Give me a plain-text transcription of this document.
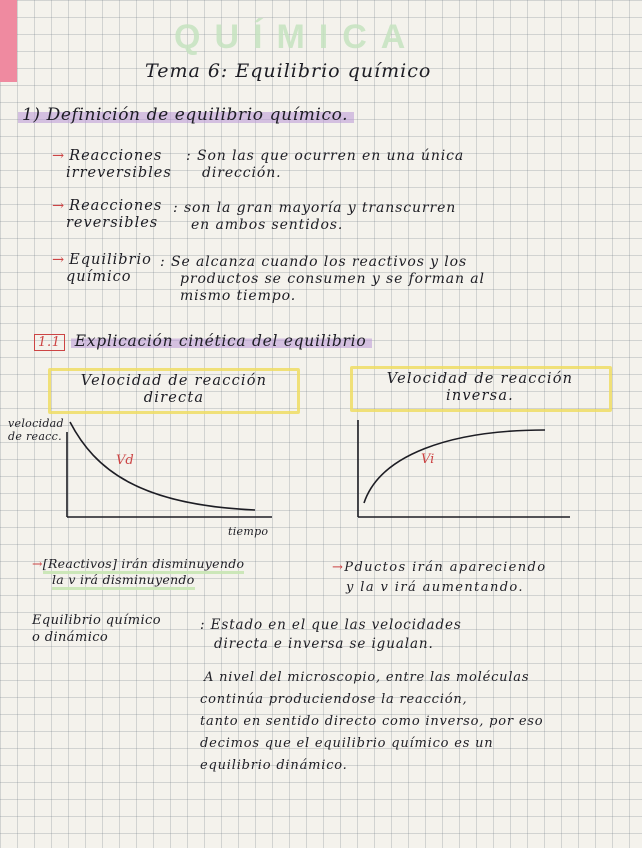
QUÍMICA
Tema 6: Equilibrio químico
1) Definición de equilibrio químico.
→ Reacciones
irreversibles
: Son las que ocurren en una única
dirección.
→ Reacciones
reversibles
: son la gran mayoría y transcurren
en ambos sentidos.
→ Equilibrio
químico
: Se alcanza cuando los reactivos y los
productos se consumen y se forman al
mismo tiempo.
1.1 Explicación cinética del equilibrio
Velocidad de reacción
directa
Velocidad de reacción
inversa.
velocidad
de reacc.
Vd
tiempo
Vi
→[Reactivos] irán disminuyendo
la v irá disminuyendo
→Pductos irán apareciendo
y la v irá aumentando.
Equilibrio químico
o dinámico
: Estado en el que las velocidades
directa e inversa se igualan.
A nivel del microscopio, entre las moléculas
continúa produciendose la reacción,
tanto en sentido directo como inverso, por eso
decimos que el equilibrio químico es un
equilibrio dinámico.
